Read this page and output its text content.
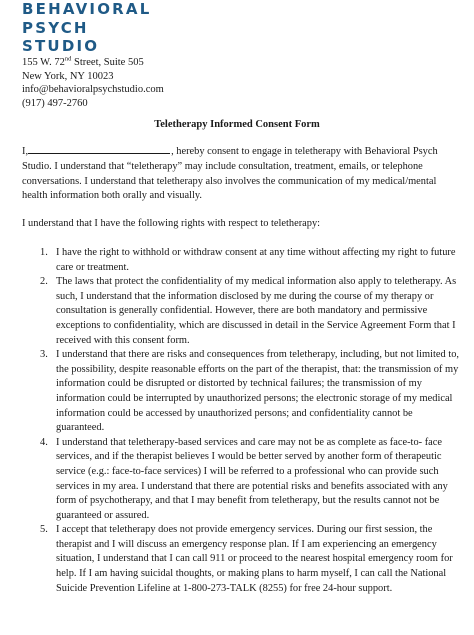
BEHAVIORAL
PSYCH
STUDIO
155 W. 72nd Street, Suite 505
New York, NY 10023
info@behavioralpsychstudio.com
(917) 497-2760
Teletherapy Informed Consent Form
I,	, hereby consent to engage in teletherapy with Behavioral Psych Studio. I understand that “teletherapy” may include consultation, treatment, emails, or telephone conversations. I understand that teletherapy also involves the communication of my medical/mental health information both orally and visually.
I understand that I have the following rights with respect to teletherapy:
1. I have the right to withhold or withdraw consent at any time without affecting my right to future care or treatment.
2. The laws that protect the confidentiality of my medical information also apply to teletherapy. As such, I understand that the information disclosed by me during the course of my therapy or consultation is generally confidential. However, there are both mandatory and permissive exceptions to confidentiality, which are discussed in detail in the Service Agreement Form that I received with this consent form.
3. I understand that there are risks and consequences from teletherapy, including, but not limited to, the possibility, despite reasonable efforts on the part of the therapist, that: the transmission of my information could be disrupted or distorted by technical failures; the transmission of my information could be interrupted by unauthorized persons; the electronic storage of my medical information could be accessed by unauthorized persons; and confidentiality cannot be guaranteed.
4. I understand that teletherapy-based services and care may not be as complete as face-to- face services, and if the therapist believes I would be better served by another form of therapeutic service (e.g.: face-to-face services) I will be referred to a professional who can provide such services in my area. I understand that there are potential risks and benefits associated with any form of psychotherapy, and that I may benefit from teletherapy, but the results cannot not be guaranteed or assured.
5. I accept that teletherapy does not provide emergency services. During our first session, the therapist and I will discuss an emergency response plan. If I am experiencing an emergency situation, I understand that I can call 911 or proceed to the nearest hospital emergency room for help. If I am having suicidal thoughts, or making plans to harm myself, I can call the National Suicide Prevention Lifeline at 1-800-273-TALK (8255) for free 24-hour support.
